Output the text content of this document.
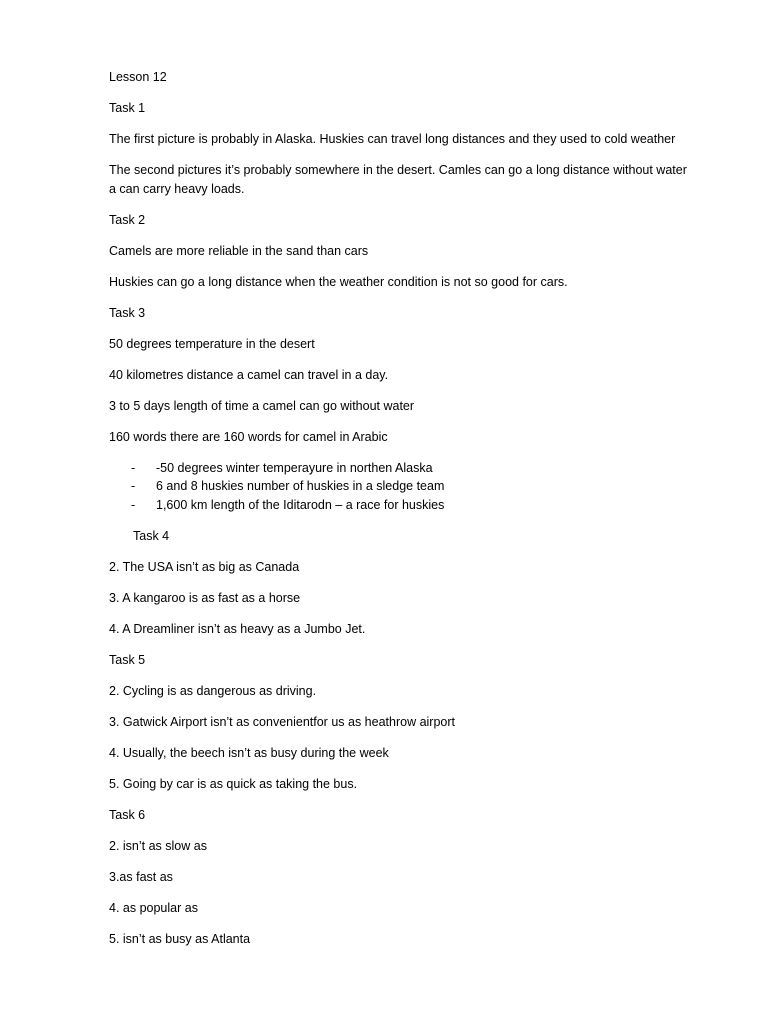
Lesson 12
Task 1
The first picture is probably in Alaska. Huskies can travel long distances and they used to cold weather
The second pictures it’s probably somewhere in the desert. Camles can go a long distance without water
a can carry heavy loads.
Task 2
Camels are more reliable in the sand than cars
Huskies can go a long distance when the weather condition is not so good for cars.
Task 3
50 degrees temperature in the desert
40 kilometres distance a camel can travel in a day.
3 to 5 days length of time a camel can go without water
160 words there are 160 words for camel in Arabic
- -50 degrees winter temperayure in northen Alaska
- 6 and 8 huskies number of huskies in a sledge team
- 1,600 km length of the Iditarodn – a race for huskies
Task 4
2. The USA isn’t as big as Canada
3. A kangaroo is as fast as a horse
4. A Dreamliner isn’t as heavy as a Jumbo Jet.
Task 5
2. Cycling is as dangerous as driving.
3. Gatwick Airport isn’t as convenientfor us as heathrow airport
4. Usually, the beech isn’t as busy during the week
5. Going by car is as quick as taking the bus.
Task 6
2. isn’t as slow as
3.as fast as
4. as popular as
5. isn’t as busy as Atlanta
